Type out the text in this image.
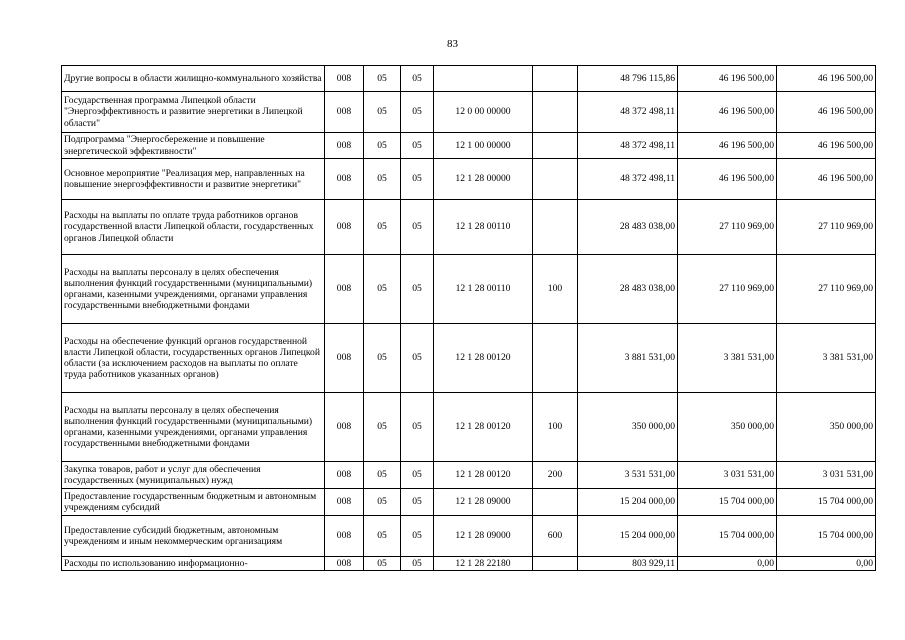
83
Другие вопросы в области жилищно-коммунального хозяйства	008	05	05			48 796 115,86	46 196 500,00	46 196 500,00
Государственная программа Липецкой области "Энергоэффективность и развитие энергетики в Липецкой области"	008	05	05	12 0 00 00000		48 372 498,11	46 196 500,00	46 196 500,00
Подпрограмма "Энергосбережение и повышение энергетической эффективности"	008	05	05	12 1 00 00000		48 372 498,11	46 196 500,00	46 196 500,00
Основное мероприятие "Реализация мер, направленных на повышение энергоэффективности и развитие энергетики"	008	05	05	12 1 28 00000		48 372 498,11	46 196 500,00	46 196 500,00
Расходы на выплаты по оплате труда работников органов государственной власти Липецкой области, государственных органов Липецкой области	008	05	05	12 1 28 00110		28 483 038,00	27 110 969,00	27 110 969,00
Расходы на выплаты персоналу в целях обеспечения выполнения функций государственными (муниципальными) органами, казенными учреждениями, органами управления государственными внебюджетными фондами	008	05	05	12 1 28 00110	100	28 483 038,00	27 110 969,00	27 110 969,00
Расходы на обеспечение функций органов государственной власти Липецкой области, государственных органов Липецкой области (за исключением расходов на выплаты по оплате труда работников указанных органов)	008	05	05	12 1 28 00120		3 881 531,00	3 381 531,00	3 381 531,00
Расходы на выплаты персоналу в целях обеспечения выполнения функций государственными (муниципальными) органами, казенными учреждениями, органами управления государственными внебюджетными фондами	008	05	05	12 1 28 00120	100	350 000,00	350 000,00	350 000,00
Закупка товаров, работ и услуг для обеспечения государственных (муниципальных) нужд	008	05	05	12 1 28 00120	200	3 531 531,00	3 031 531,00	3 031 531,00
Предоставление государственным бюджетным и автономным учреждениям субсидий	008	05	05	12 1 28 09000		15 204 000,00	15 704 000,00	15 704 000,00
Предоставление субсидий бюджетным, автономным учреждениям и иным некоммерческим организациям	008	05	05	12 1 28 09000	600	15 204 000,00	15 704 000,00	15 704 000,00
Расходы по использованию информационно-	008	05	05	12 1 28 22180		803 929,11	0,00	0,00
